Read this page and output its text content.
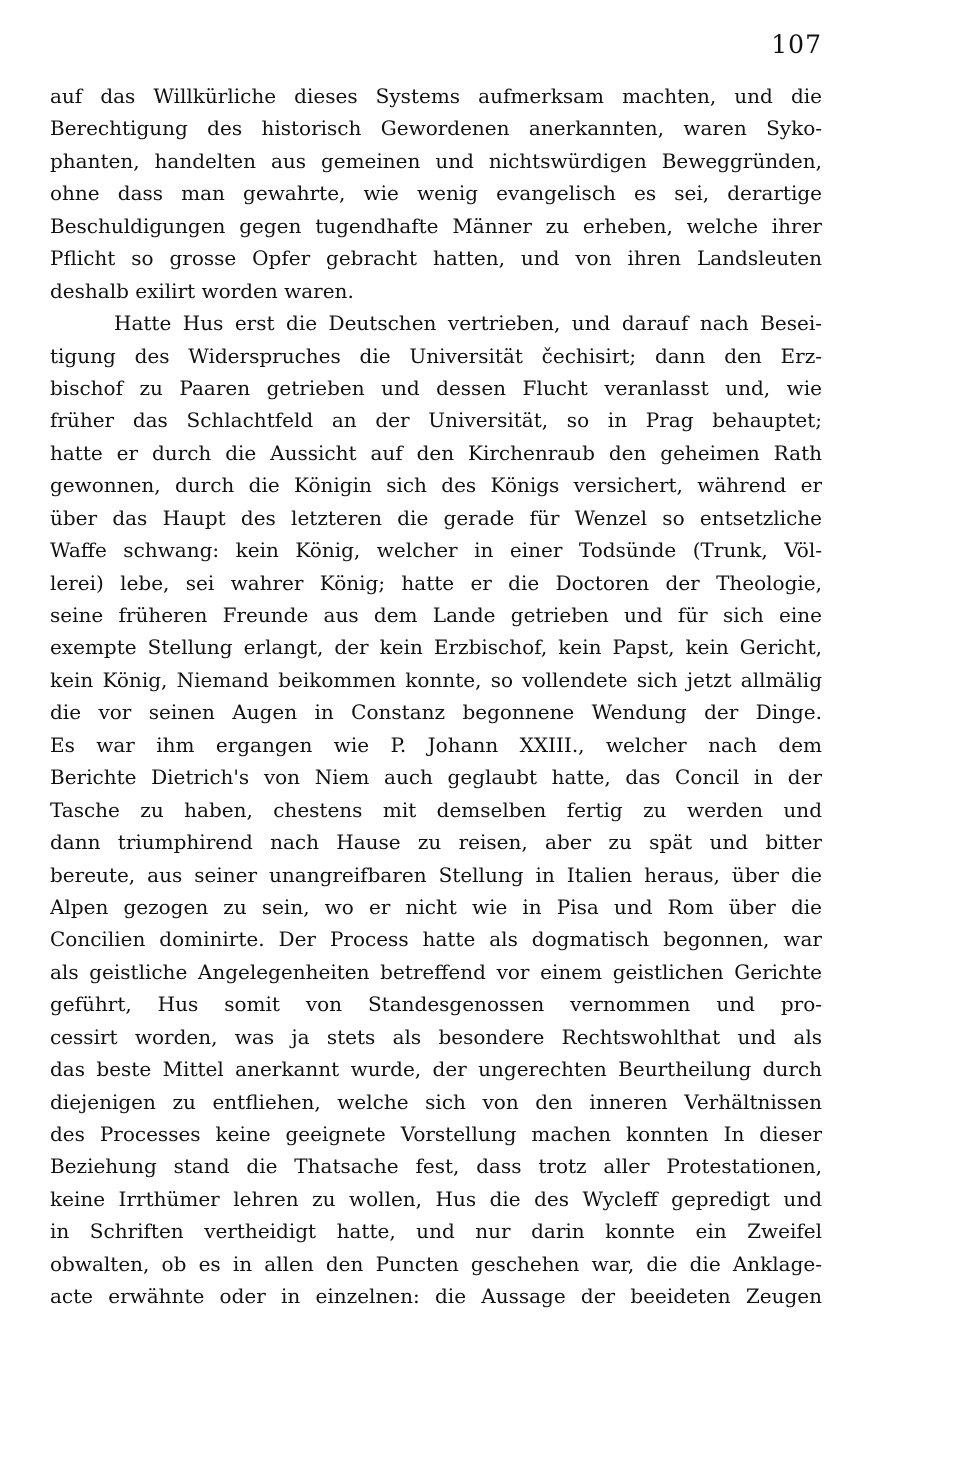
107
auf das Willkürliche dieses Systems aufmerksam machten, und die
Berechtigung des historisch Gewordenen anerkannten, waren Syko-
phanten, handelten aus gemeinen und nichtswürdigen Beweggründen,
ohne dass man gewahrte, wie wenig evangelisch es sei, derartige
Beschuldigungen gegen tugendhafte Männer zu erheben, welche ihrer
Pflicht so grosse Opfer gebracht hatten, und von ihren Landsleuten
deshalb exilirt worden waren.
Hatte Hus erst die Deutschen vertrieben, und darauf nach Besei-
tigung des Widerspruches die Universität čechisirt; dann den Erz-
bischof zu Paaren getrieben und dessen Flucht veranlasst und, wie
früher das Schlachtfeld an der Universität, so in Prag behauptet;
hatte er durch die Aussicht auf den Kirchenraub den geheimen Rath
gewonnen, durch die Königin sich des Königs versichert, während er
über das Haupt des letzteren die gerade für Wenzel so entsetzliche
Waffe schwang: kein König, welcher in einer Todsünde (Trunk, Völ-
lerei) lebe, sei wahrer König; hatte er die Doctoren der Theologie,
seine früheren Freunde aus dem Lande getrieben und für sich eine
exempte Stellung erlangt, der kein Erzbischof, kein Papst, kein Gericht,
kein König, Niemand beikommen konnte, so vollendete sich jetzt allmälig
die vor seinen Augen in Constanz begonnene Wendung der Dinge.
Es war ihm ergangen wie P. Johann XXIII., welcher nach dem
Berichte Dietrich's von Niem auch geglaubt hatte, das Concil in der
Tasche zu haben, chestens mit demselben fertig zu werden und
dann triumphirend nach Hause zu reisen, aber zu spät und bitter
bereute, aus seiner unangreifbaren Stellung in Italien heraus, über die
Alpen gezogen zu sein, wo er nicht wie in Pisa und Rom über die
Concilien dominirte. Der Process hatte als dogmatisch begonnen, war
als geistliche Angelegenheiten betreffend vor einem geistlichen Gerichte
geführt, Hus somit von Standesgenossen vernommen und pro-
cessirt worden, was ja stets als besondere Rechtswohlthat und als
das beste Mittel anerkannt wurde, der ungerechten Beurtheilung durch
diejenigen zu entfliehen, welche sich von den inneren Verhältnissen
des Processes keine geeignete Vorstellung machen konnten In dieser
Beziehung stand die Thatsache fest, dass trotz aller Protestationen,
keine Irrthümer lehren zu wollen, Hus die des Wycleff gepredigt und
in Schriften vertheidigt hatte, und nur darin konnte ein Zweifel
obwalten, ob es in allen den Puncten geschehen war, die die Anklage-
acte erwähnte oder in einzelnen: die Aussage der beeideten Zeugen
